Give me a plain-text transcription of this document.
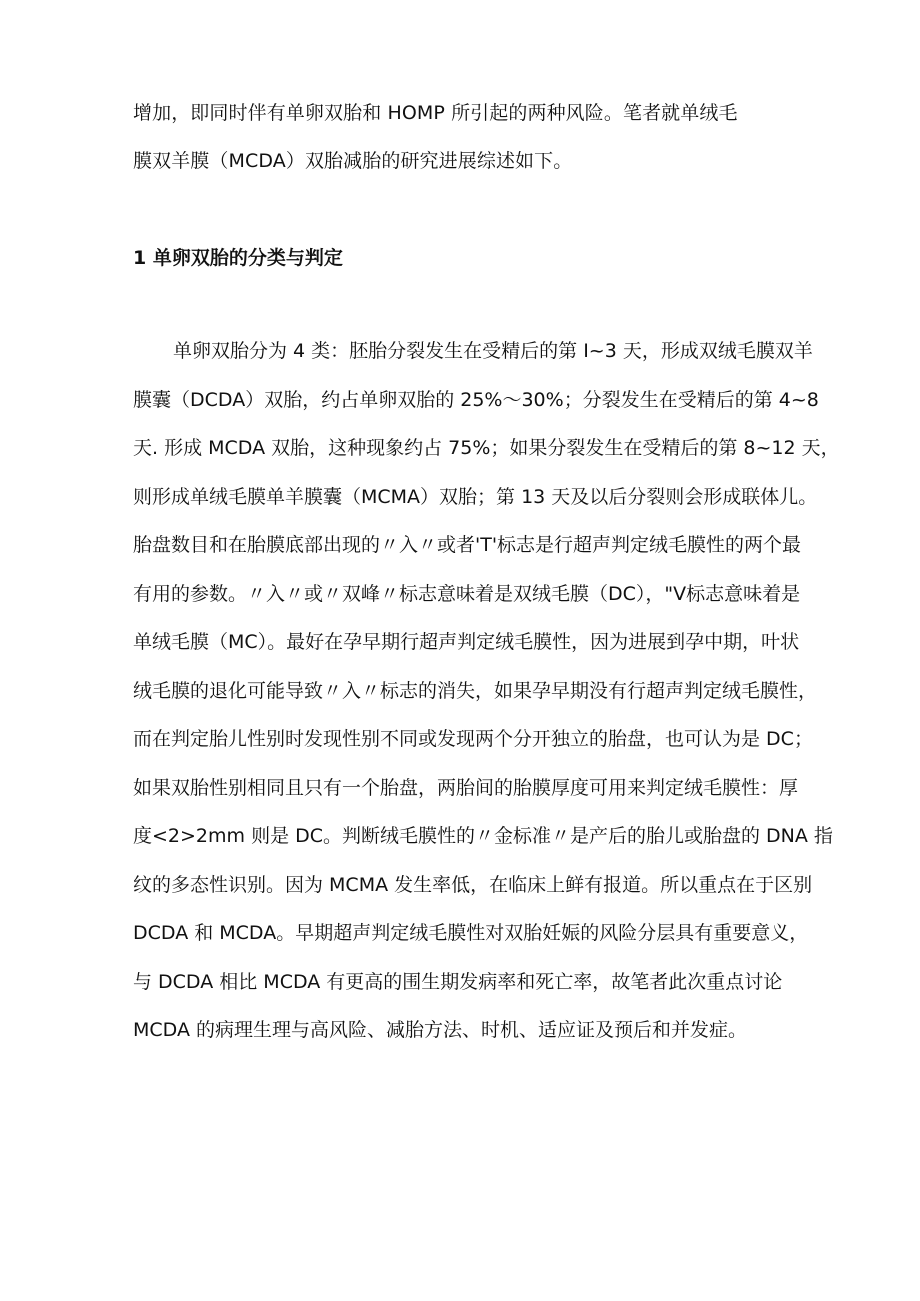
增加，即同时伴有单卵双胎和 HOMP 所引起的两种风险。笔者就单绒毛
膜双羊膜（MCDA）双胎减胎的研究进展综述如下。
1 单卵双胎的分类与判定
单卵双胎分为 4 类：胚胎分裂发生在受精后的第 I~3 天，形成双绒毛膜双羊
膜囊（DCDA）双胎，约占单卵双胎的 25%～30%；分裂发生在受精后的第 4~8
天. 形成 MCDA 双胎，这种现象约占 75%；如果分裂发生在受精后的第 8~12 天，
则形成单绒毛膜单羊膜囊（MCMA）双胎；第 13 天及以后分裂则会形成联体儿。
胎盘数目和在胎膜底部出现的〃入〃或者'T'标志是行超声判定绒毛膜性的两个最
有用的参数。〃入〃或〃双峰〃标志意味着是双绒毛膜（DC），"V标志意味着是
单绒毛膜（MC）。最好在孕早期行超声判定绒毛膜性，因为进展到孕中期，叶状
绒毛膜的退化可能导致〃入〃标志的消失，如果孕早期没有行超声判定绒毛膜性，
而在判定胎儿性别时发现性别不同或发现两个分开独立的胎盘，也可认为是 DC；
如果双胎性别相同且只有一个胎盘，两胎间的胎膜厚度可用来判定绒毛膜性：厚
度<2>2mm 则是 DC。判断绒毛膜性的〃金标准〃是产后的胎儿或胎盘的 DNA 指
纹的多态性识别。因为 MCMA 发生率低，在临床上鲜有报道。所以重点在于区别
DCDA 和 MCDA。早期超声判定绒毛膜性对双胎妊娠的风险分层具有重要意义，
与 DCDA 相比 MCDA 有更高的围生期发病率和死亡率，故笔者此次重点讨论
MCDA 的病理生理与高风险、减胎方法、时机、适应证及预后和并发症。
